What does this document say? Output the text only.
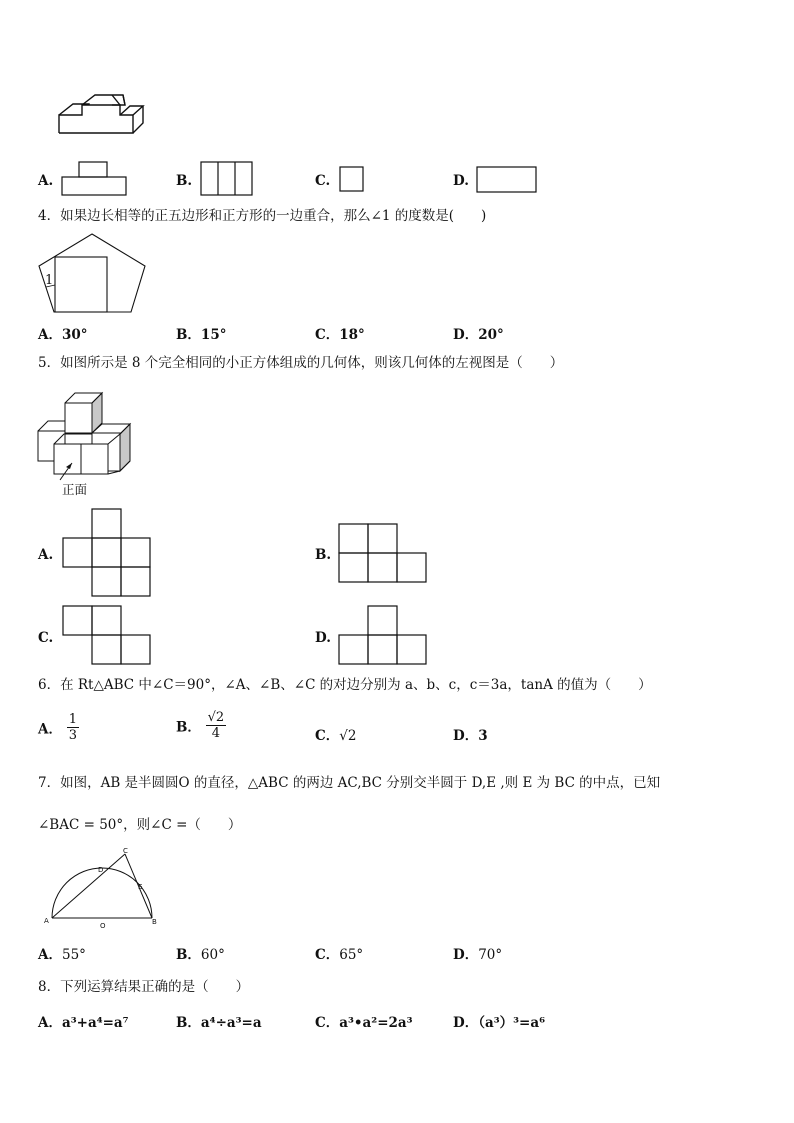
A.	B.	C.	D.
4．如果边长相等的正五边形和正方形的一边重合，那么∠1 的度数是(　　)
1
A．30°	B．15°	C．18°	D．20°
5．如图所示是 8 个完全相同的小正方体组成的几何体，则该几何体的左视图是（　　）
正面
A.	B.
C.	D.
6．在 Rt△ABC 中∠C＝90°，∠A、∠B、∠C 的对边分别为 a、b、c，c＝3a，tanA 的值为（　　）
A． $\frac{1}{3}$	B． $\frac{√2}{4}$	C．√2	D．3
7．如图，AB 是半圆圆O 的直径，△ABC 的两边 AC,BC 分别交半圆于 D,E ,则 E 为 BC 的中点，已知
∠BAC = 50°，则∠C =（　　）
C
D
E
A
O	B
A．55°	B．60°	C．65°	D．70°
8．下列运算结果正确的是（　　）
A．a³+a⁴=a⁷	B．a⁴÷a³=a	C．a³•a²=2a³	D．（a³）³=a⁶
